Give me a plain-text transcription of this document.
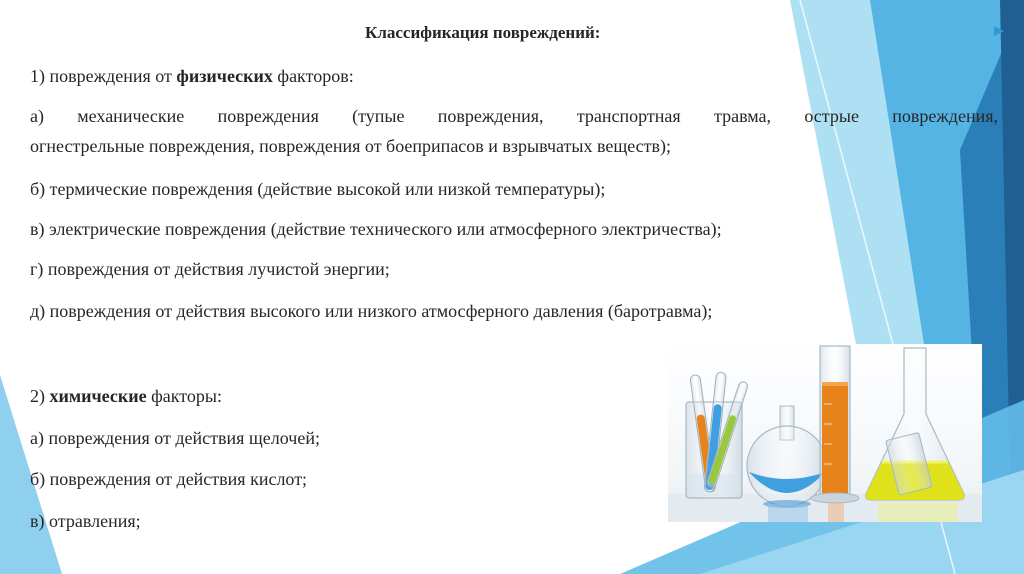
Классификация повреждений:
1) повреждения от физических факторов:
а) механические повреждения (тупые повреждения, транспортная травма, острые повреждения,
огнестрельные повреждения, повреждения от боеприпасов и взрывчатых веществ);
б) термические повреждения (действие высокой или низкой температуры);
в) электрические повреждения (действие технического или атмосферного электричества);
г) повреждения от действия лучистой энергии;
д) повреждения от действия высокого или низкого атмосферного давления (баротравма);
2) химические факторы:
а) повреждения от действия щелочей;
б) повреждения от действия кислот;
в) отравления;
